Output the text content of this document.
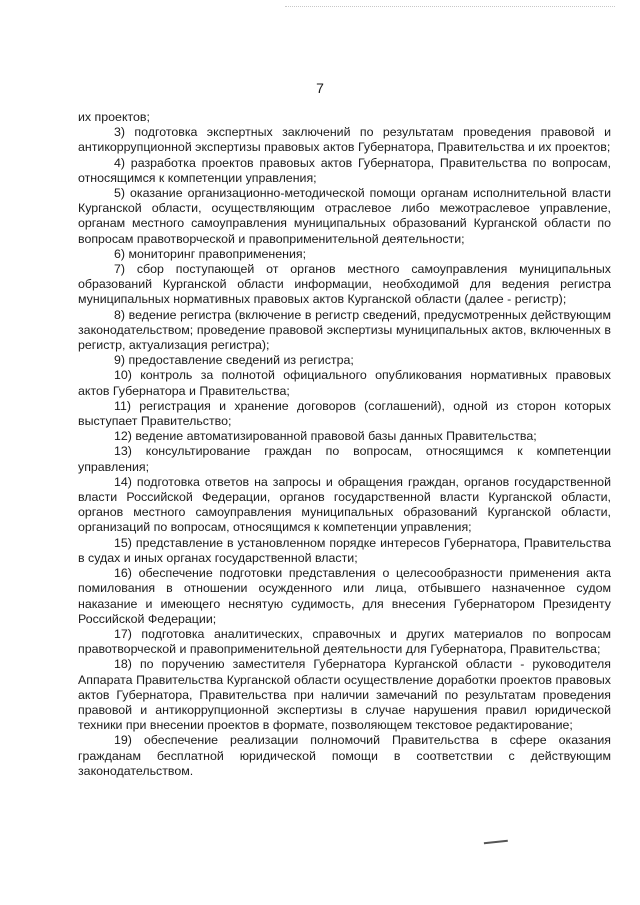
7

их проектов;

3) подготовка экспертных заключений по результатам проведения правовой и антикоррупционной экспертизы правовых актов Губернатора, Правительства и их проектов;

4) разработка проектов правовых актов Губернатора, Правительства по вопросам, относящимся к компетенции управления;

5) оказание организационно-методической помощи органам исполнительной власти Курганской области, осуществляющим отраслевое либо межотраслевое управление, органам местного самоуправления муниципальных образований Курганской области по вопросам правотворческой и правоприменительной деятельности;

6) мониторинг правоприменения;

7) сбор поступающей от органов местного самоуправления муниципальных образований Курганской области информации, необходимой для ведения регистра муниципальных нормативных правовых актов Курганской области (далее - регистр);

8) ведение регистра (включение в регистр сведений, предусмотренных действующим законодательством; проведение правовой экспертизы муниципальных актов, включенных в регистр, актуализация регистра);

9) предоставление сведений из регистра;

10) контроль за полнотой официального опубликования нормативных правовых актов Губернатора и Правительства;

11) регистрация и хранение договоров (соглашений), одной из сторон которых выступает Правительство;

12) ведение автоматизированной правовой базы данных Правительства;

13) консультирование граждан по вопросам, относящимся к компетенции управления;

14) подготовка ответов на запросы и обращения граждан, органов государственной власти Российской Федерации, органов государственной власти Курганской области, органов местного самоуправления муниципальных образований Курганской области, организаций по вопросам, относящимся к компетенции управления;

15) представление в установленном порядке интересов Губернатора, Правительства в судах и иных органах государственной власти;

16) обеспечение подготовки представления о целесообразности применения акта помилования в отношении осужденного или лица, отбывшего назначенное судом наказание и имеющего неснятую судимость, для внесения Губернатором Президенту Российской Федерации;

17) подготовка аналитических, справочных и других материалов по вопросам правотворческой и правоприменительной деятельности для Губернатора, Правительства;

18) по поручению заместителя Губернатора Курганской области - руководителя Аппарата Правительства Курганской области осуществление доработки проектов правовых актов Губернатора, Правительства при наличии замечаний по результатам проведения правовой и антикоррупционной экспертизы в случае нарушения правил юридической техники при внесении проектов в формате, позволяющем текстовое редактирование;

19) обеспечение реализации полномочий Правительства в сфере оказания гражданам бесплатной юридической помощи в соответствии с действующим законодательством.
